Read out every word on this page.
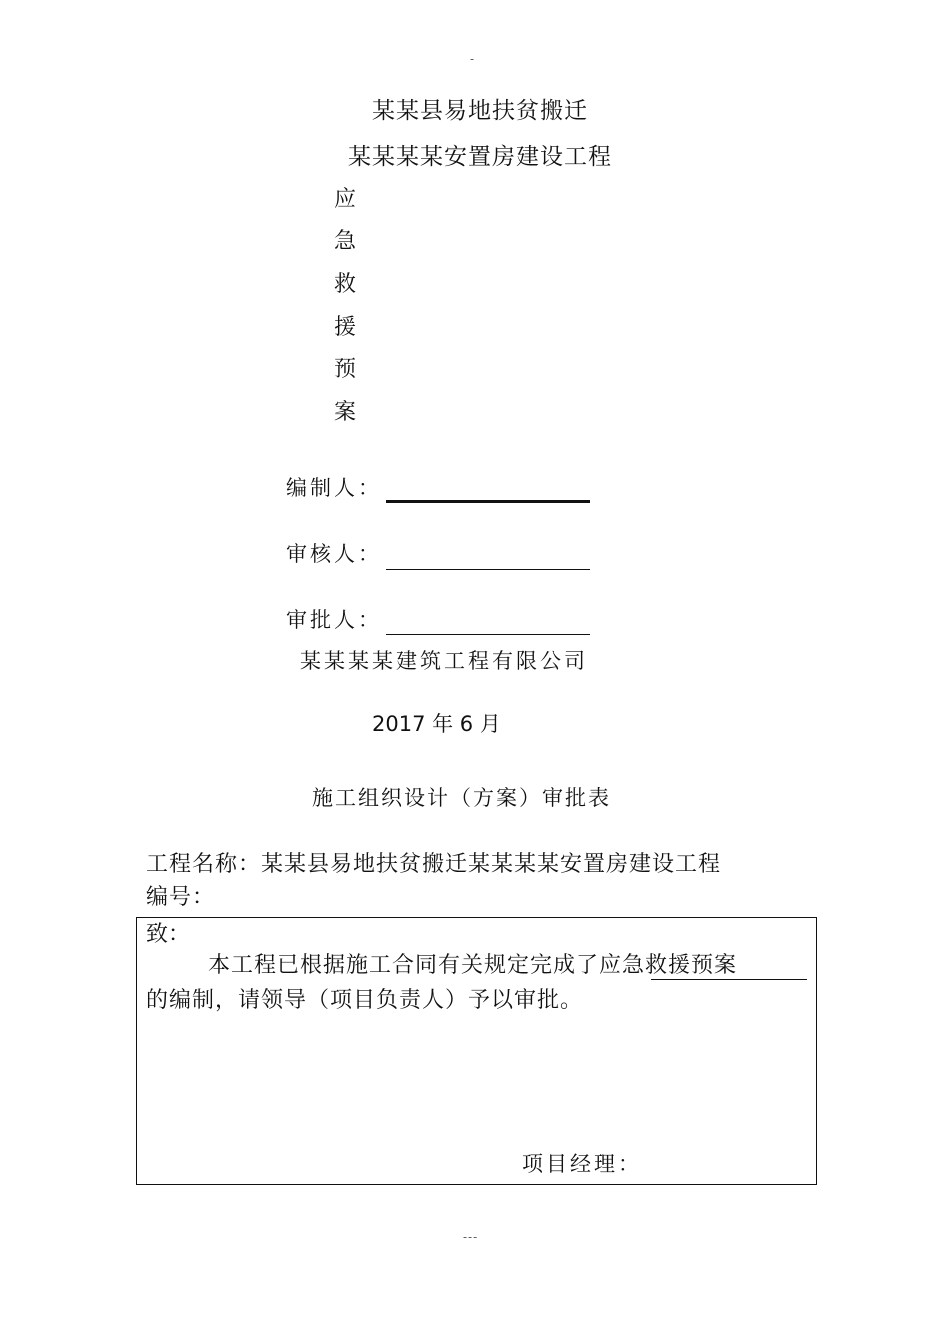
-
某某县易地扶贫搬迁
某某某某安置房建设工程
应
急
救
援
预
案
编制人：
审核人：
审批人：
某某某某建筑工程有限公司
2017 年 6 月
施工组织设计（方案）审批表
工程名称：某某县易地扶贫搬迁某某某某安置房建设工程
编号：
致：
本工程已根据施工合同有关规定完成了应急救援预案
的编制，请领导（项目负责人）予以审批。
项目经理：
---
